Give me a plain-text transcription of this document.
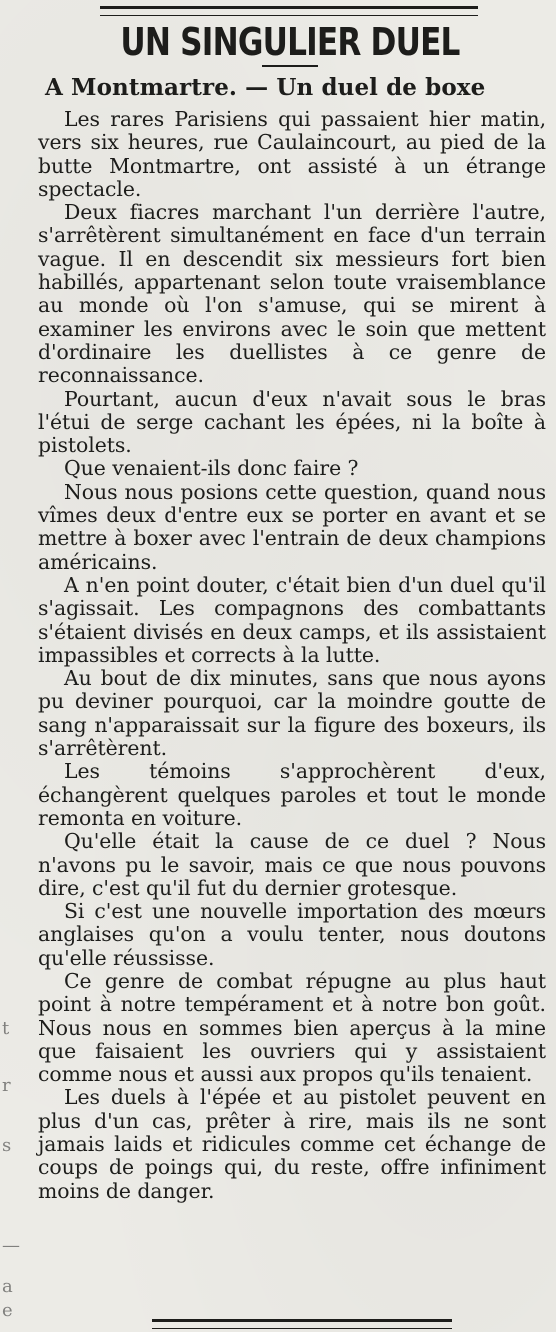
t
r
s
—
a
e
UN SINGULIER DUEL
A Montmartre. — Un duel de boxe

Les rares Parisiens qui passaient hier matin, vers six heures, rue Caulaincourt, au pied de la butte Montmartre, ont assisté à un étrange spectacle.

Deux fiacres marchant l'un derrière l'autre, s'arrêtèrent simultanément en face d'un terrain vague. Il en descendit six messieurs fort bien habillés, appartenant selon toute vraisemblance au monde où l'on s'amuse, qui se mirent à examiner les environs avec le soin que mettent d'ordinaire les duellistes à ce genre de reconnaissance.

Pourtant, aucun d'eux n'avait sous le bras l'étui de serge cachant les épées, ni la boîte à pistolets.

Que venaient-ils donc faire ?

Nous nous posions cette question, quand nous vîmes deux d'entre eux se porter en avant et se mettre à boxer avec l'entrain de deux champions américains.

A n'en point douter, c'était bien d'un duel qu'il s'agissait. Les compagnons des combattants s'étaient divisés en deux camps, et ils assistaient impassibles et corrects à la lutte.

Au bout de dix minutes, sans que nous ayons pu deviner pourquoi, car la moindre goutte de sang n'apparaissait sur la figure des boxeurs, ils s'arrêtèrent.

Les témoins s'approchèrent d'eux, échangèrent quelques paroles et tout le monde remonta en voiture.

Qu'elle était la cause de ce duel ? Nous n'avons pu le savoir, mais ce que nous pouvons dire, c'est qu'il fut du dernier grotesque.

Si c'est une nouvelle importation des mœurs anglaises qu'on a voulu tenter, nous doutons qu'elle réussisse.

Ce genre de combat répugne au plus haut point à notre tempérament et à notre bon goût. Nous nous en sommes bien aperçus à la mine que faisaient les ouvriers qui y assistaient comme nous et aussi aux propos qu'ils tenaient.

Les duels à l'épée et au pistolet peuvent en plus d'un cas, prêter à rire, mais ils ne sont jamais laids et ridicules comme cet échange de coups de poings qui, du reste, offre infiniment moins de danger.
